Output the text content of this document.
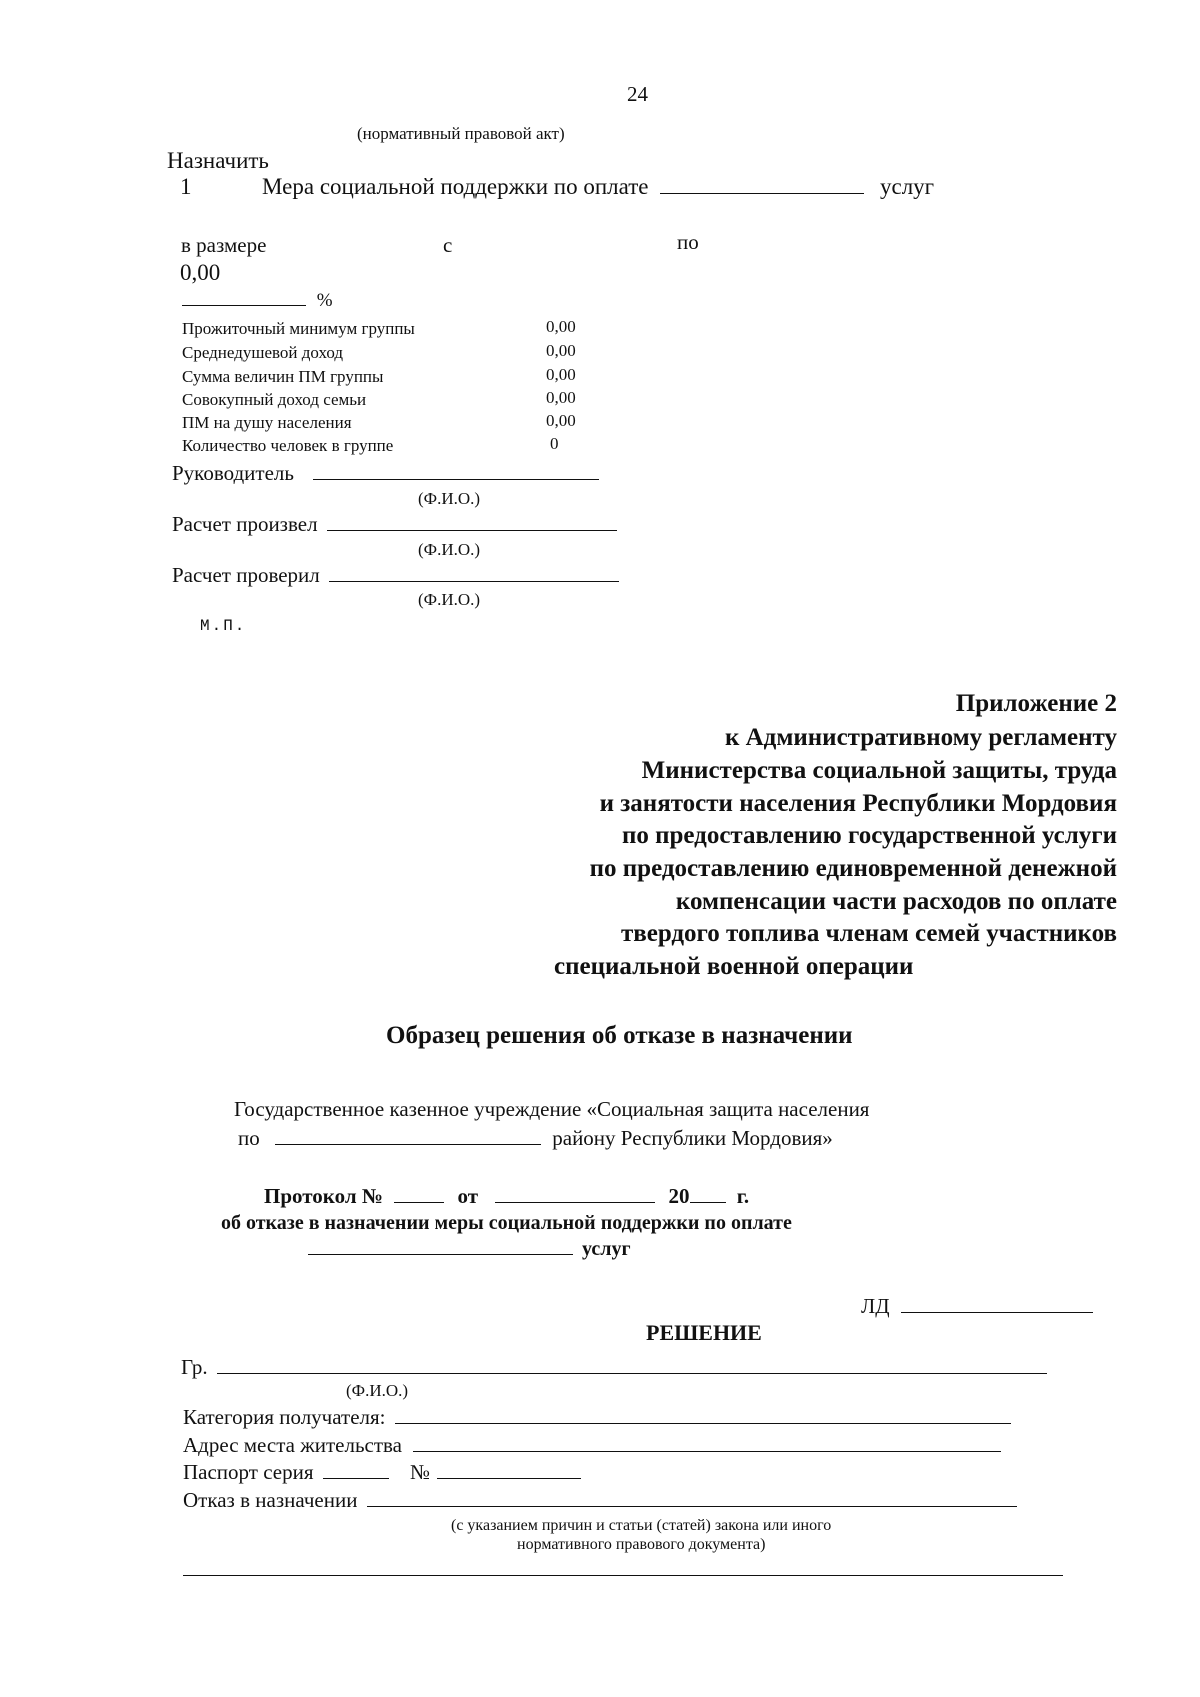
24
(нормативный правовой акт)
Назначить
1	Мера социальной поддержки по оплате	услуг
в размере	с	по
0,00
%
Прожиточный минимум группы	0,00
Среднедушевой доход	0,00
Сумма величин ПМ группы	0,00
Совокупный доход семьи	0,00
ПМ на душу населения	0,00
Количество человек в группе	0
Руководитель
(Ф.И.О.)
Расчет произвел
(Ф.И.О.)
Расчет проверил
(Ф.И.О.)
М.П.
Приложение 2
к Административному регламенту
Министерства социальной защиты, труда
и занятости населения Республики Мордовия
по предоставлению государственной услуги
по предоставлению единовременной денежной
компенсации части расходов по оплате
твердого топлива членам семей участников
специальной военной операции
Образец решения об отказе в назначении
Государственное казенное учреждение «Социальная защита населения
по	району Республики Мордовия»
Протокол №	от	20 г.
об отказе в назначении меры социальной поддержки по оплате
услуг
ЛД
РЕШЕНИЕ
Гр.
(Ф.И.О.)
Категория получателя:
Адрес места жительства
Паспорт серия	№
Отказ в назначении
(с указанием причин и статьи (статей) закона или иного
нормативного правового документа)
